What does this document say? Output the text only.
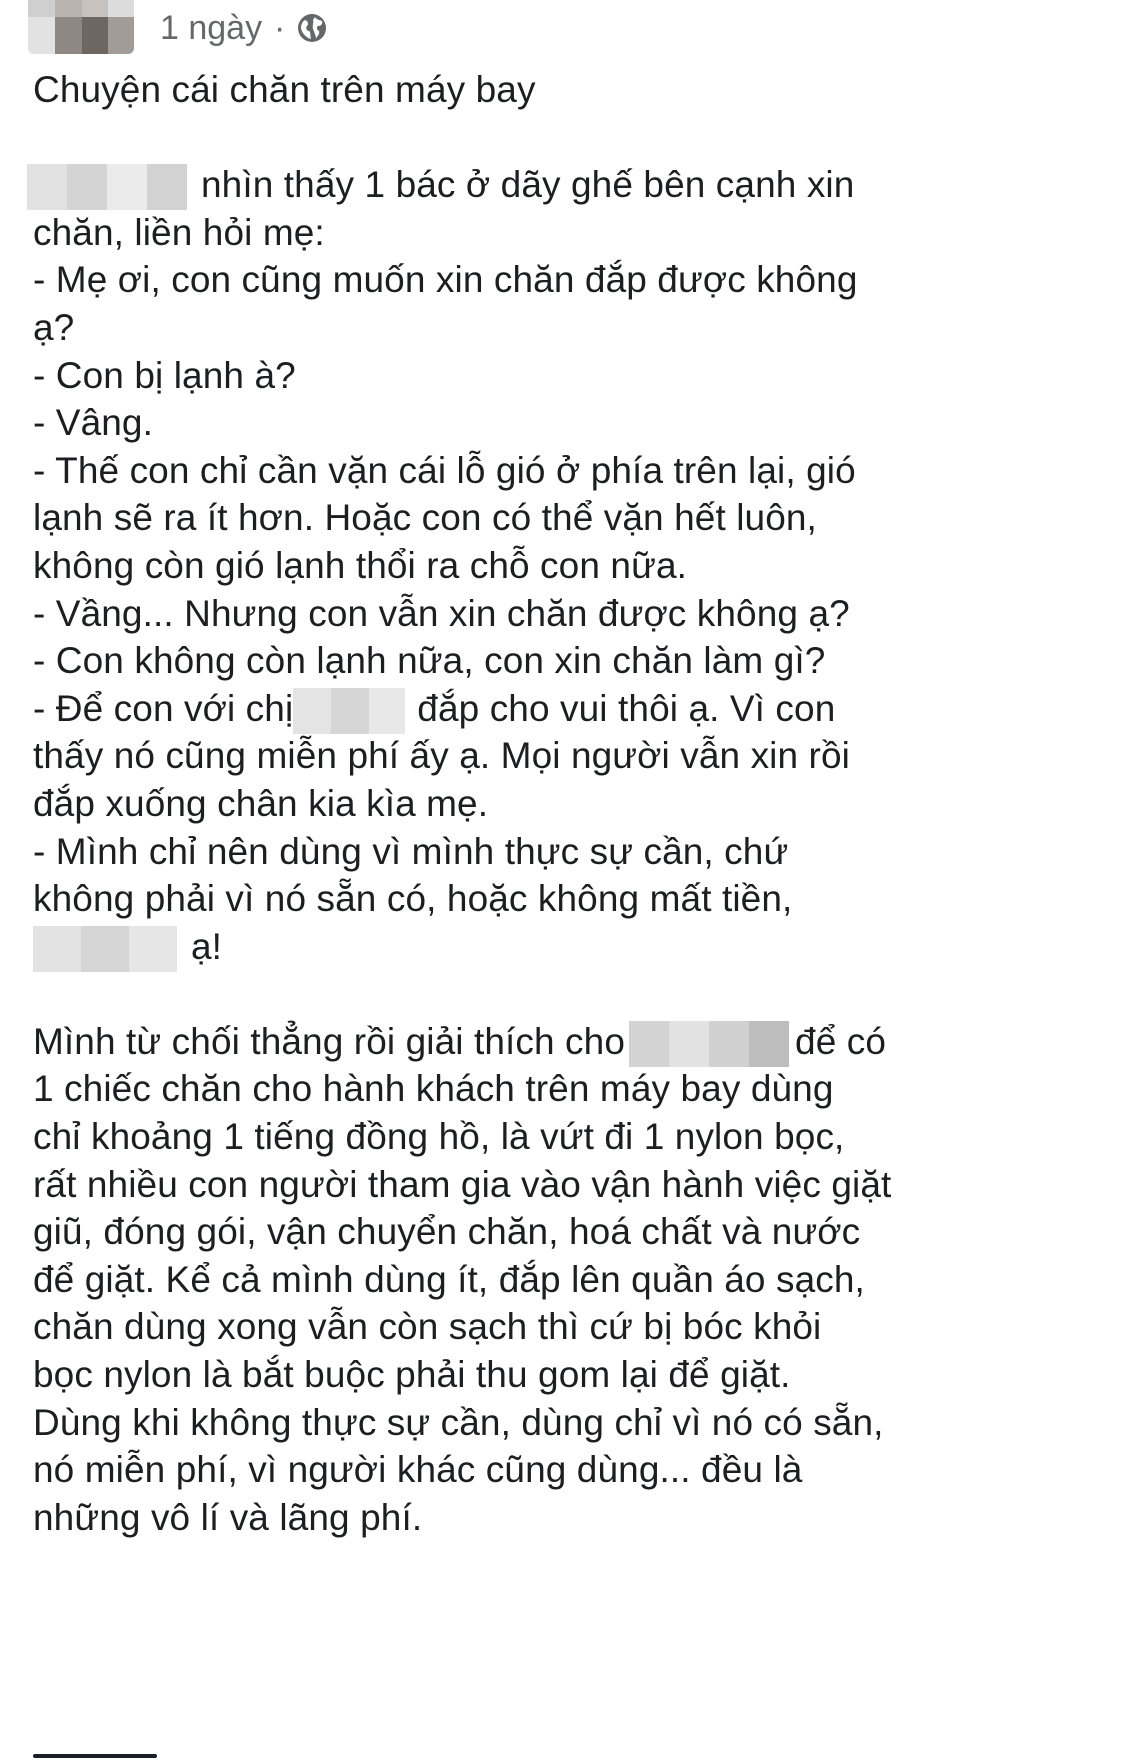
1 ngày ·
Chuyện cái chăn trên máy bay
nhìn thấy 1 bác ở dãy ghế bên cạnh xin
chăn, liền hỏi mẹ:
- Mẹ ơi, con cũng muốn xin chăn đắp được không
ạ?
- Con bị lạnh à?
- Vâng.
- Thế con chỉ cần vặn cái lỗ gió ở phía trên lại, gió
lạnh sẽ ra ít hơn. Hoặc con có thể vặn hết luôn,
không còn gió lạnh thổi ra chỗ con nữa.
- Vầng... Nhưng con vẫn xin chăn được không ạ?
- Con không còn lạnh nữa, con xin chăn làm gì?
- Để con với chị	đắp cho vui thôi ạ. Vì con
thấy nó cũng miễn phí ấy ạ. Mọi người vẫn xin rồi
đắp xuống chân kia kìa mẹ.
- Mình chỉ nên dùng vì mình thực sự cần, chứ
không phải vì nó sẵn có, hoặc không mất tiền,
ạ!
Mình từ chối thẳng rồi giải thích cho	để có
1 chiếc chăn cho hành khách trên máy bay dùng
chỉ khoảng 1 tiếng đồng hồ, là vứt đi 1 nylon bọc,
rất nhiều con người tham gia vào vận hành việc giặt
giũ, đóng gói, vận chuyển chăn, hoá chất và nước
để giặt. Kể cả mình dùng ít, đắp lên quần áo sạch,
chăn dùng xong vẫn còn sạch thì cứ bị bóc khỏi
bọc nylon là bắt buộc phải thu gom lại để giặt.
Dùng khi không thực sự cần, dùng chỉ vì nó có sẵn,
nó miễn phí, vì người khác cũng dùng... đều là
những vô lí và lãng phí.
